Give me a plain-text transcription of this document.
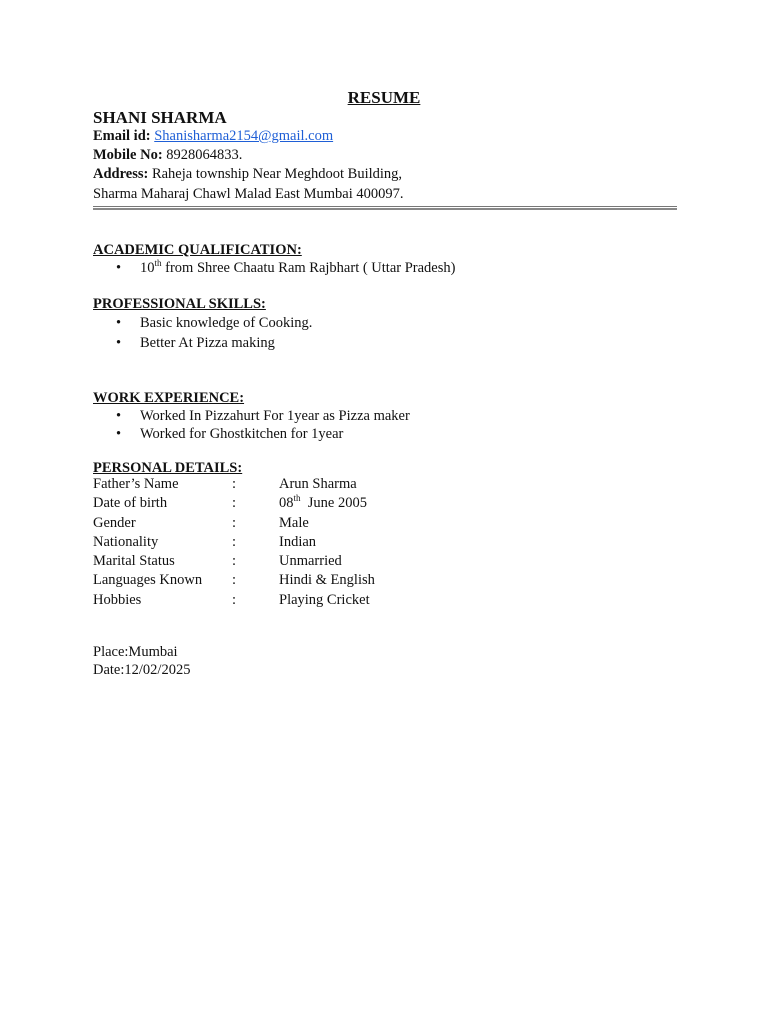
RESUME
SHANI SHARMA
Email id: Shanisharma2154@gmail.com
Mobile No: 8928064833.
Address: Raheja township Near Meghdoot Building,
Sharma Maharaj Chawl Malad East Mumbai 400097.
ACADEMIC QUALIFICATION:
• 10th from Shree Chaatu Ram Rajbhart ( Uttar Pradesh)
PROFESSIONAL SKILLS:
• Basic knowledge of Cooking.
• Better At Pizza making
WORK EXPERIENCE:
• Worked In Pizzahurt For 1year as Pizza maker
• Worked for Ghostkitchen for 1year
PERSONAL DETAILS:
Father’s Name	:	Arun Sharma
Date of birth	:	08th  June 2005
Gender	:	Male
Nationality	:	Indian
Marital Status	:	Unmarried
Languages Known :	Hindi & English
Hobbies	:	Playing Cricket
Place:Mumbai
Date:12/02/2025
